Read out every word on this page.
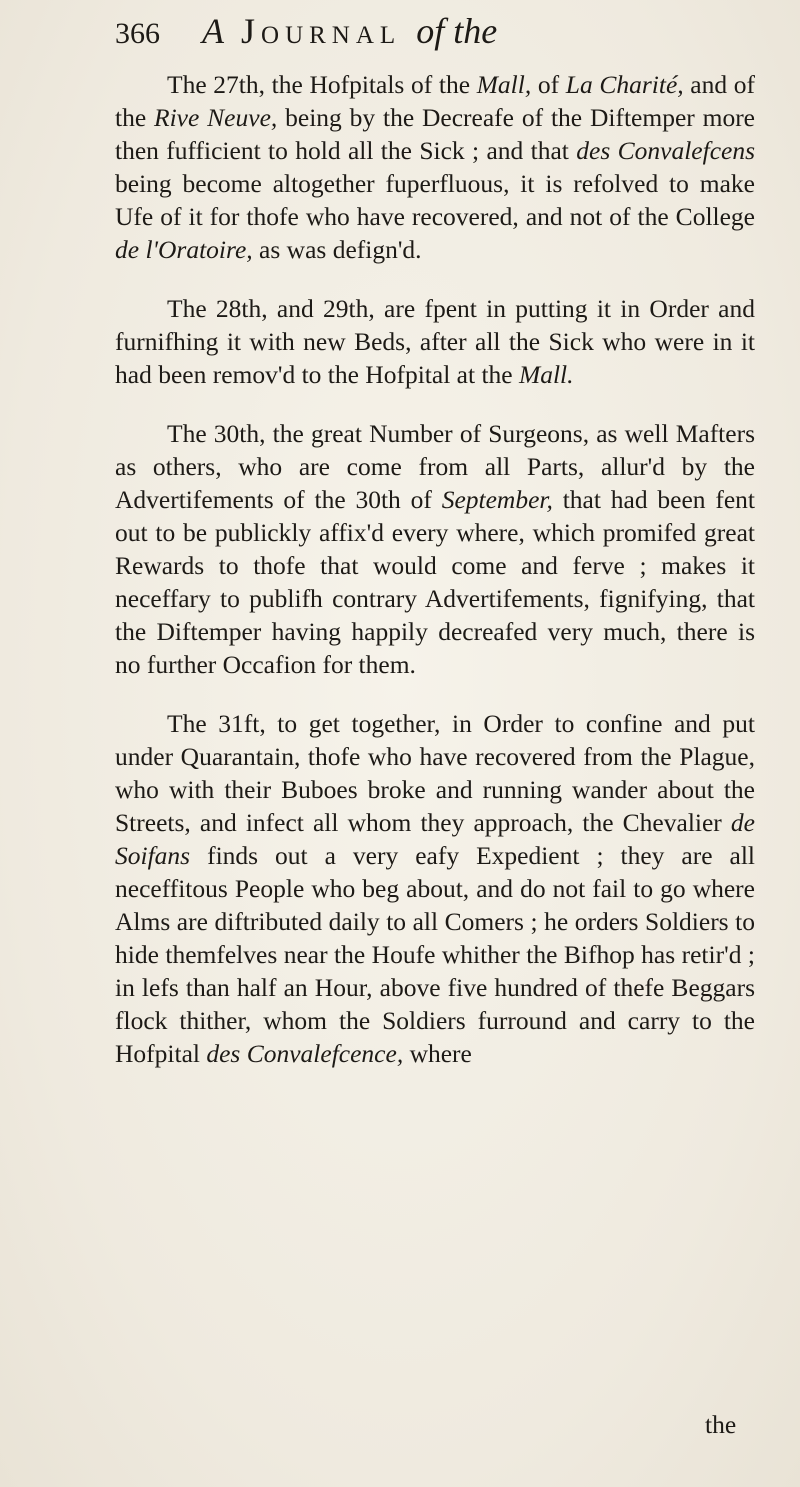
366 A Journal of the

The 27th, the Hofpitals of the Mall, of La Charité, and of the Rive Neuve, being by the Decreafe of the Diftemper more then fufficient to hold all the Sick ; and that des Convalefcens being become altogether fuperfluous, it is refolved to make Ufe of it for thofe who have recovered, and not of the College de l'Oratoire, as was defign'd.

The 28th, and 29th, are fpent in putting it in Order and furnifhing it with new Beds, after all the Sick who were in it had been remov'd to the Hofpital at the Mall.

The 30th, the great Number of Surgeons, as well Mafters as others, who are come from all Parts, allur'd by the Advertifements of the 30th of September, that had been fent out to be publickly affix'd every where, which promifed great Rewards to thofe that would come and ferve ; makes it neceffary to publifh contrary Advertifements, fignifying, that the Diftemper having happily decreafed very much, there is no further Occafion for them.

The 31ft, to get together, in Order to confine and put under Quarantain, thofe who have recovered from the Plague, who with their Buboes broke and running wander about the Streets, and infect all whom they approach, the Chevalier de Soifans finds out a very eafy Expedient ; they are all neceffitous People who beg about, and do not fail to go where Alms are diftributed daily to all Comers ; he orders Soldiers to hide themfelves near the Houfe whither the Bifhop has retir'd ; in lefs than half an Hour, above five hundred of thefe Beggars flock thither, whom the Soldiers furround and carry to the Hofpital des Convalefcence, where

the
